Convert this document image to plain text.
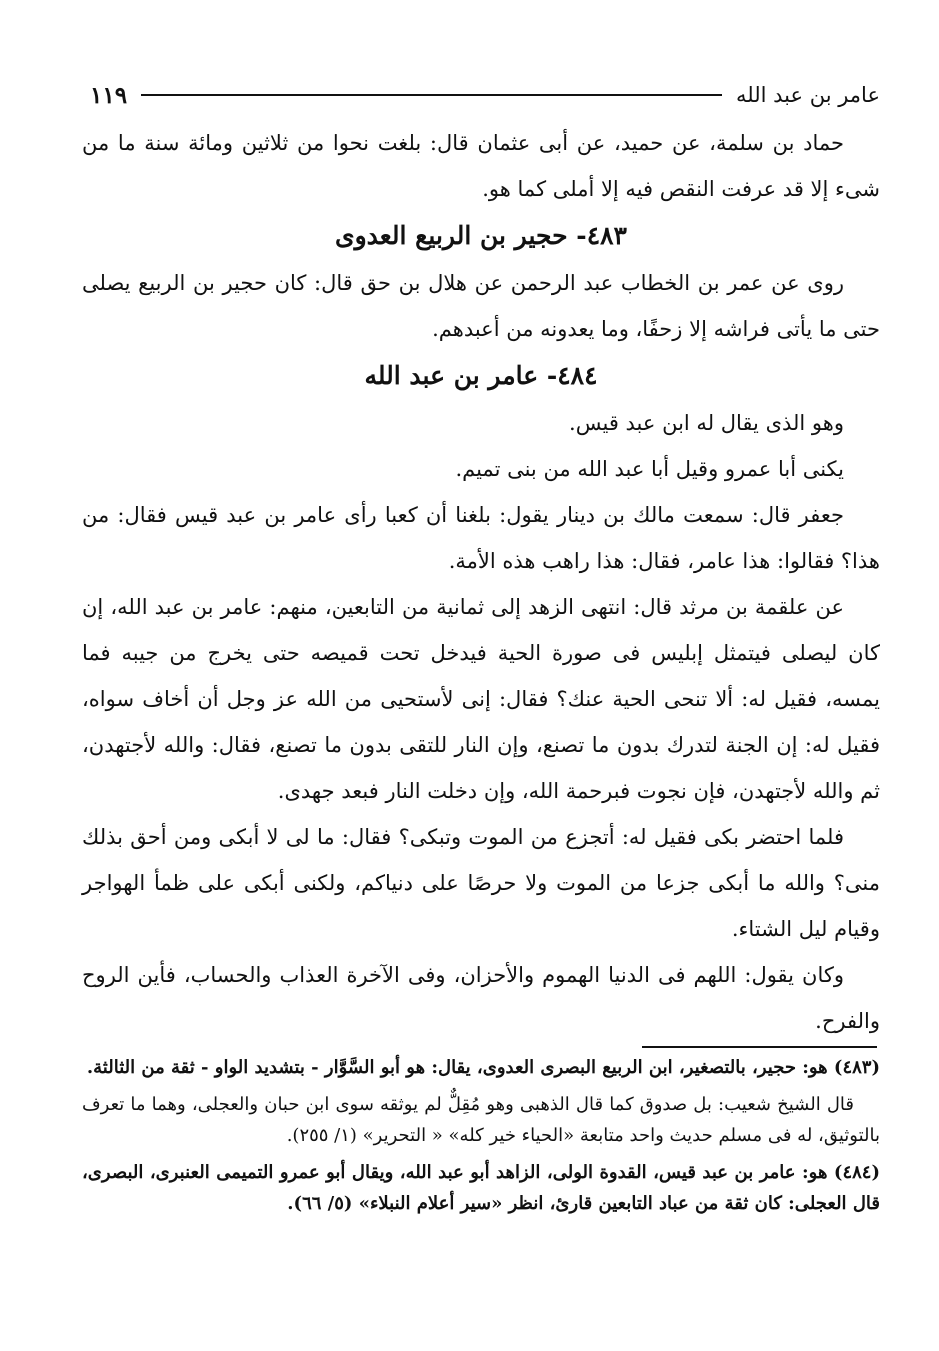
عامر بن عبد الله
١١٩

حماد بن سلمة، عن حميد، عن أبى عثمان قال: بلغت نحوا من ثلاثين ومائة سنة ما من شىء إلا قد عرفت النقص فيه إلا أملى كما هو.

٤٨٣- حجير بن الربيع العدوى

روى عن عمر بن الخطاب عبد الرحمن عن هلال بن حق قال: كان حجير بن الربيع يصلى حتى ما يأتى فراشه إلا زحفًا، وما يعدونه من أعبدهم.

٤٨٤- عامر بن عبد الله

وهو الذى يقال له ابن عبد قيس.

يكنى أبا عمرو وقيل أبا عبد الله من بنى تميم.

جعفر قال: سمعت مالك بن دينار يقول: بلغنا أن كعبا رأى عامر بن عبد قيس فقال: من هذا؟ فقالوا: هذا عامر، فقال: هذا راهب هذه الأمة.

عن علقمة بن مرثد قال: انتهى الزهد إلى ثمانية من التابعين، منهم: عامر بن عبد الله، إن كان ليصلى فيتمثل إبليس فى صورة الحية فيدخل تحت قميصه حتى يخرج من جيبه فما يمسه، فقيل له: ألا تنحى الحية عنك؟ فقال: إنى لأستحيى من الله عز وجل أن أخاف سواه، فقيل له: إن الجنة لتدرك بدون ما تصنع، وإن النار للتقى بدون ما تصنع، فقال: والله لأجتهدن، ثم والله لأجتهدن، فإن نجوت فبرحمة الله، وإن دخلت النار فبعد جهدى.

فلما احتضر بكى فقيل له: أتجزع من الموت وتبكى؟ فقال: ما لى لا أبكى ومن أحق بذلك منى؟ والله ما أبكى جزعا من الموت ولا حرصًا على دنياكم، ولكنى أبكى على ظمأ الهواجر وقيام ليل الشتاء.

وكان يقول: اللهم فى الدنيا الهموم والأحزان، وفى الآخرة العذاب والحساب، فأين الروح والفرح.

(٤٨٣) هو: حجير، بالتصغير، ابن الربيع البصرى العدوى، يقال: هو أبو السَّوَّار - بتشديد الواو - ثقة من الثالثة.

قال الشيخ شعيب: بل صدوق كما قال الذهبى وهو مُقِلٌّ لم يوثقه سوى ابن حبان والعجلى، وهما ما تعرف بالتوثيق، له فى مسلم حديث واحد متابعة «الحياء خير كله» « التحرير» (١/ ٢٥٥).

(٤٨٤) هو: عامر بن عبد قيس، القدوة الولى، الزاهد أبو عبد الله، ويقال أبو عمرو التميمى العنبرى، البصرى، قال العجلى: كان ثقة من عباد التابعين قارئ، انظر «سير أعلام النبلاء» (٥/ ٦٦).
